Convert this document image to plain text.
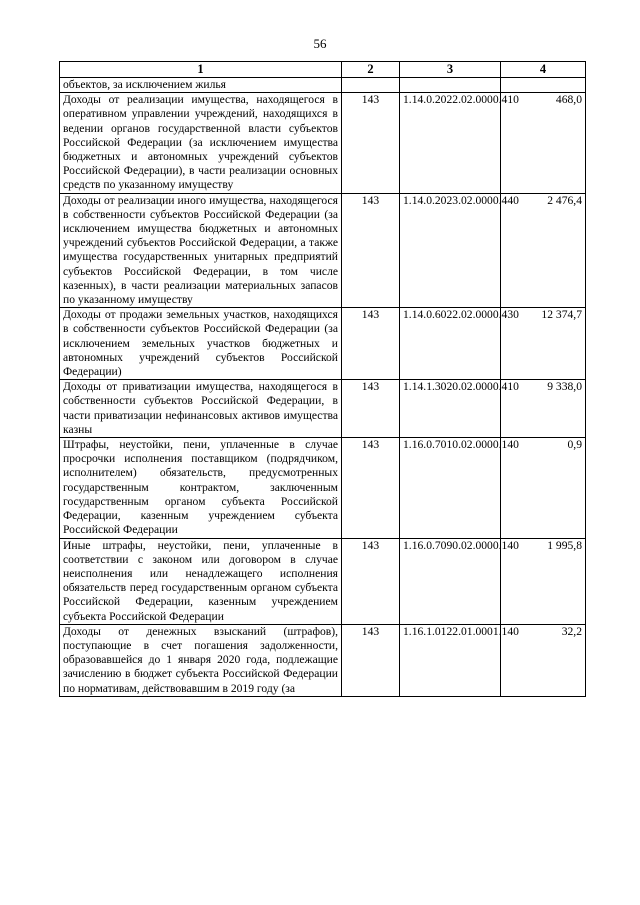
56
1	2	3	4
объектов, за исключением жилья			
Доходы от реализации имущества, находящегося в оперативном управлении учреждений, находящихся в ведении органов государственной власти субъектов Российской Федерации (за исключением имущества бюджетных и автономных учреждений субъектов Российской Федерации), в части реализации основных средств по указанному имуществу	143	1.14.0.2022.02.0000.410	468,0
Доходы от реализации иного имущества, находящегося в собственности субъектов Российской Федерации (за исключением имущества бюджетных и автономных учреждений субъектов Российской Федерации, а также имущества государственных унитарных предприятий субъектов Российской Федерации, в том числе казенных), в части реализации материальных запасов по указанному имуществу	143	1.14.0.2023.02.0000.440	2 476,4
Доходы от продажи земельных участков, находящихся в собственности субъектов Российской Федерации (за исключением земельных участков бюджетных и автономных учреждений субъектов Российской Федерации)	143	1.14.0.6022.02.0000.430	12 374,7
Доходы от приватизации имущества, находящегося в собственности субъектов Российской Федерации, в части приватизации нефинансовых активов имущества казны	143	1.14.1.3020.02.0000.410	9 338,0
Штрафы, неустойки, пени, уплаченные в случае просрочки исполнения поставщиком (подрядчиком, исполнителем) обязательств, предусмотренных государственным контрактом, заключенным государственным органом субъекта Российской Федерации, казенным учреждением субъекта Российской Федерации	143	1.16.0.7010.02.0000.140	0,9
Иные штрафы, неустойки, пени, уплаченные в соответствии с законом или договором в случае неисполнения или ненадлежащего исполнения обязательств перед государственным органом субъекта Российской Федерации, казенным учреждением субъекта Российской Федерации	143	1.16.0.7090.02.0000.140	1 995,8
Доходы от денежных взысканий (штрафов), поступающие в счет погашения задолженности, образовавшейся до 1 января 2020 года, подлежащие зачислению в бюджет субъекта Российской Федерации по нормативам, действовавшим в 2019 году (за	143	1.16.1.0122.01.0001.140	32,2
